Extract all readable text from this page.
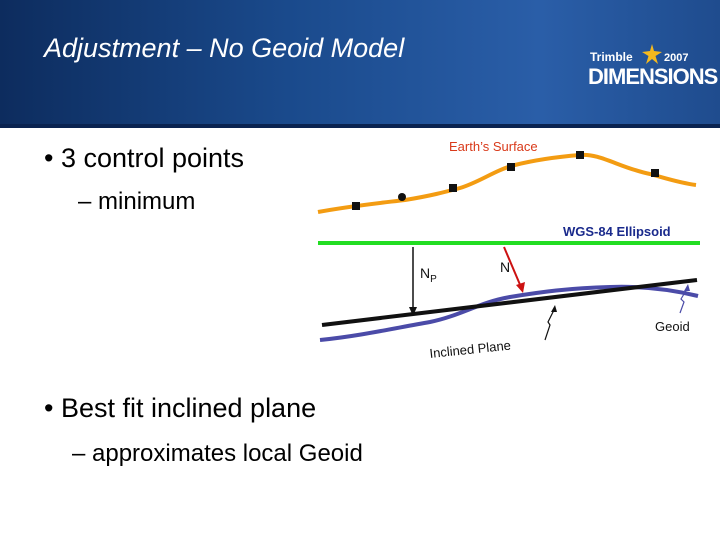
Adjustment – No Geoid Model	Trimble	2007
DIMENSIONS
• 3 control points
– minimum
• Best fit inclined plane
– approximates local Geoid
Earth’s Surface
WGS-84 Ellipsoid
$N_P$
N
Inclined Plane
Geoid
